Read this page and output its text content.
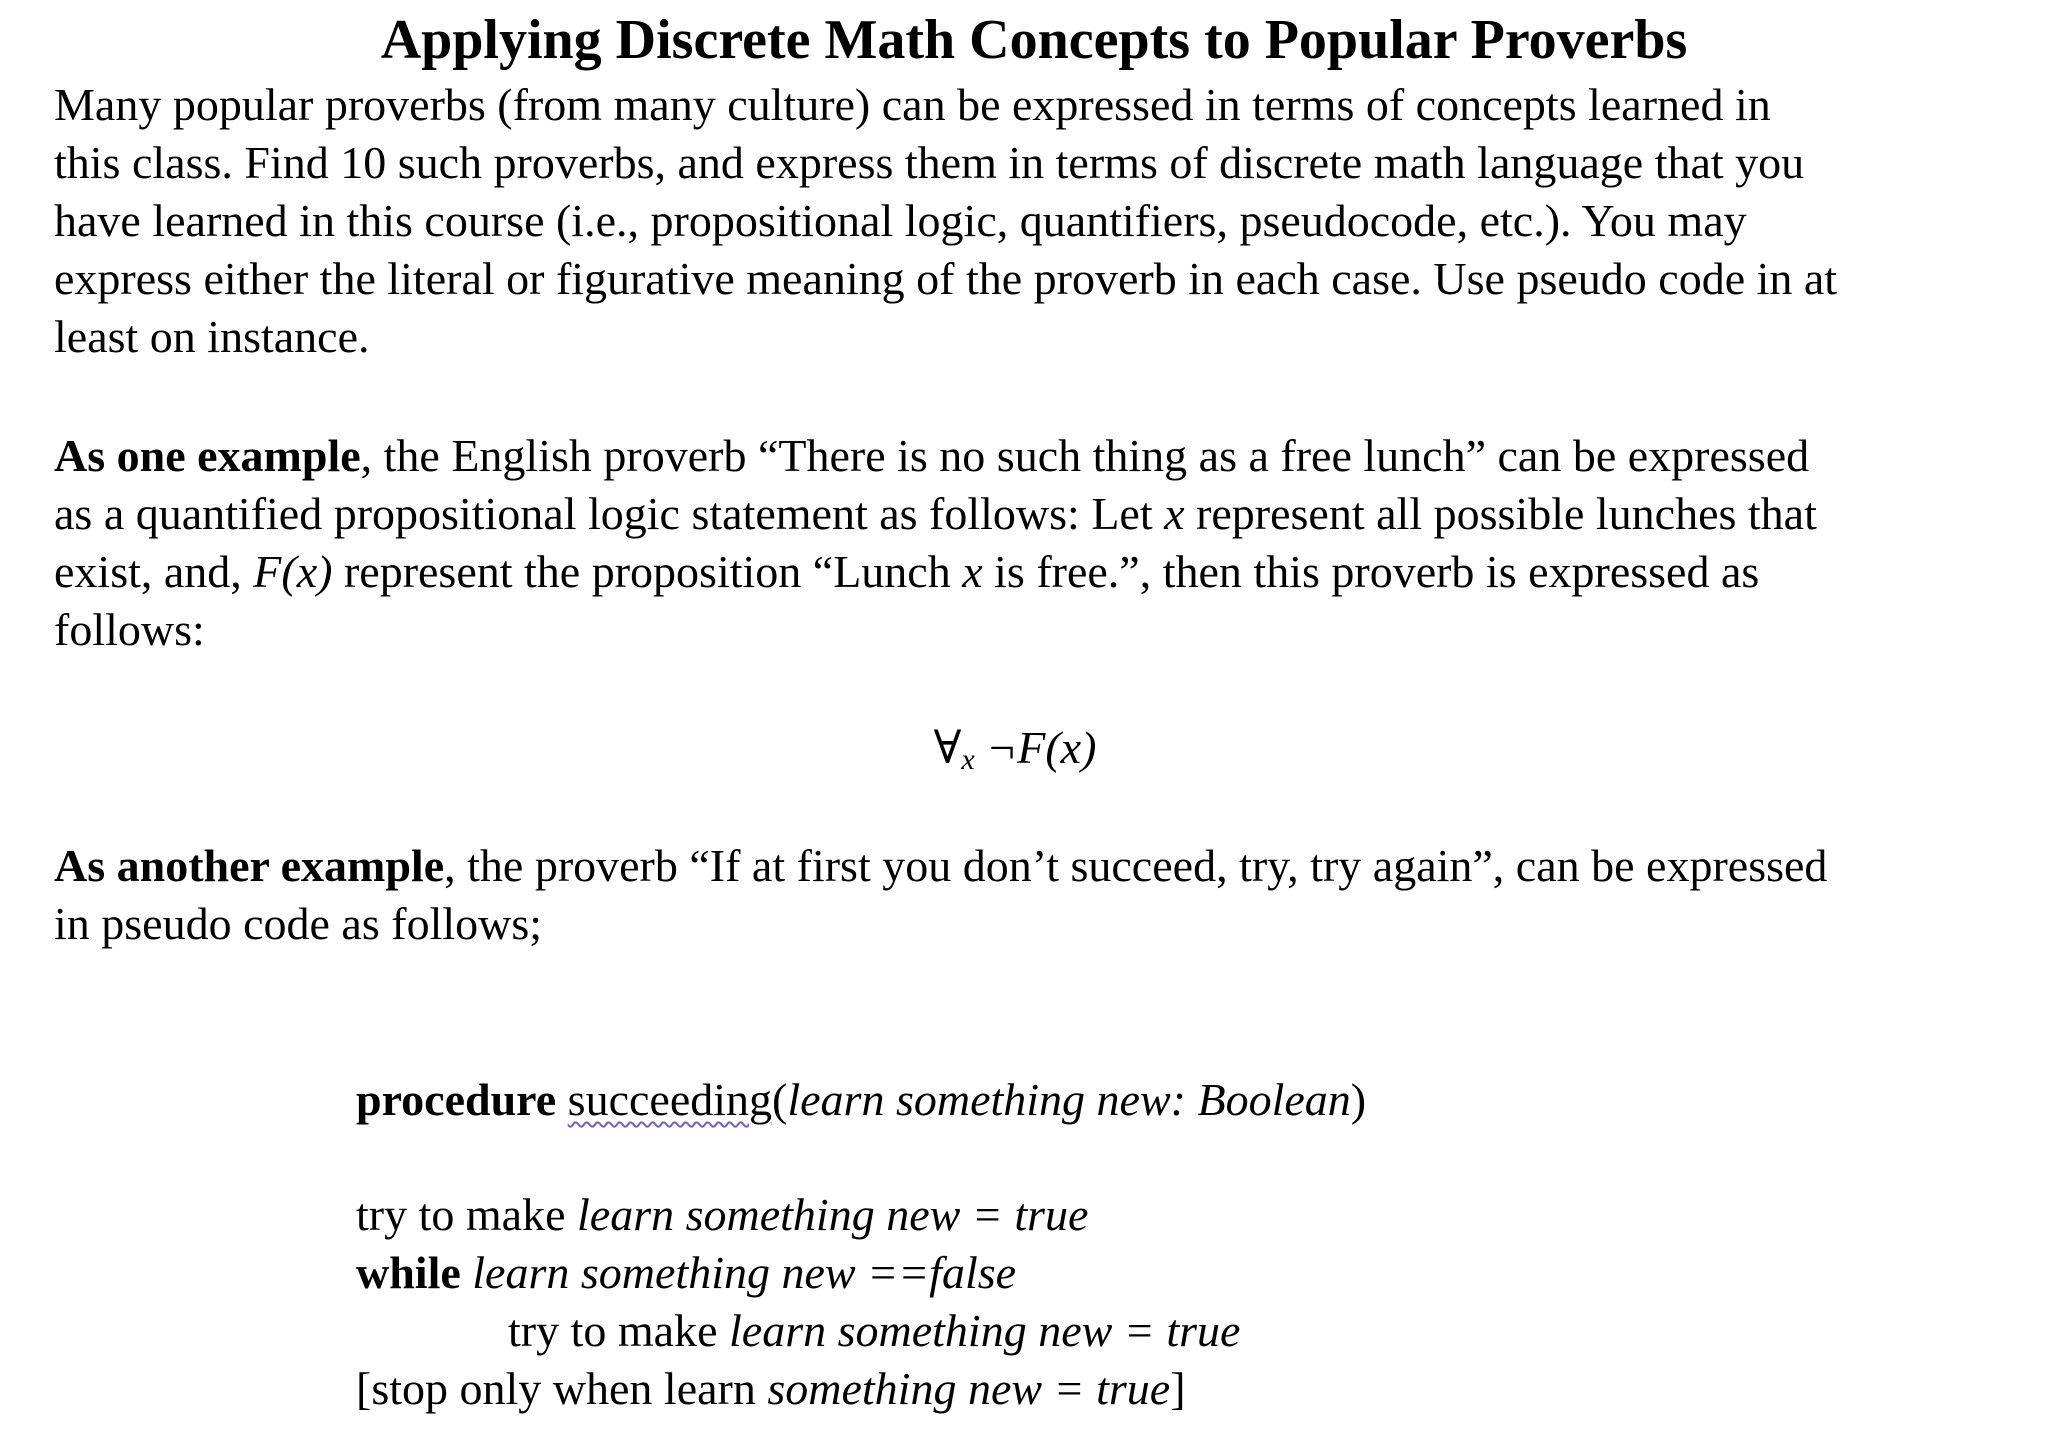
Applying Discrete Math Concepts to Popular Proverbs
Many popular proverbs (from many culture) can be expressed in terms of concepts learned in
this class. Find 10 such proverbs, and express them in terms of discrete math language that you
have learned in this course (i.e., propositional logic, quantifiers, pseudocode, etc.). You may
express either the literal or figurative meaning of the proverb in each case. Use pseudo code in at
least on instance.
As one example, the English proverb “There is no such thing as a free lunch” can be expressed
as a quantified propositional logic statement as follows: Let x represent all possible lunches that
exist, and, F(x) represent the proposition “Lunch x is free.”, then this proverb is expressed as
follows:
$\forall_x$ ¬F(x)
As another example, the proverb “If at first you don’t succeed, try, try again”, can be expressed
in pseudo code as follows;
procedure succeeding(learn something new: Boolean)
try to make learn something new = true
while learn something new ==false
try to make learn something new = true
[stop only when learn something new = true]
